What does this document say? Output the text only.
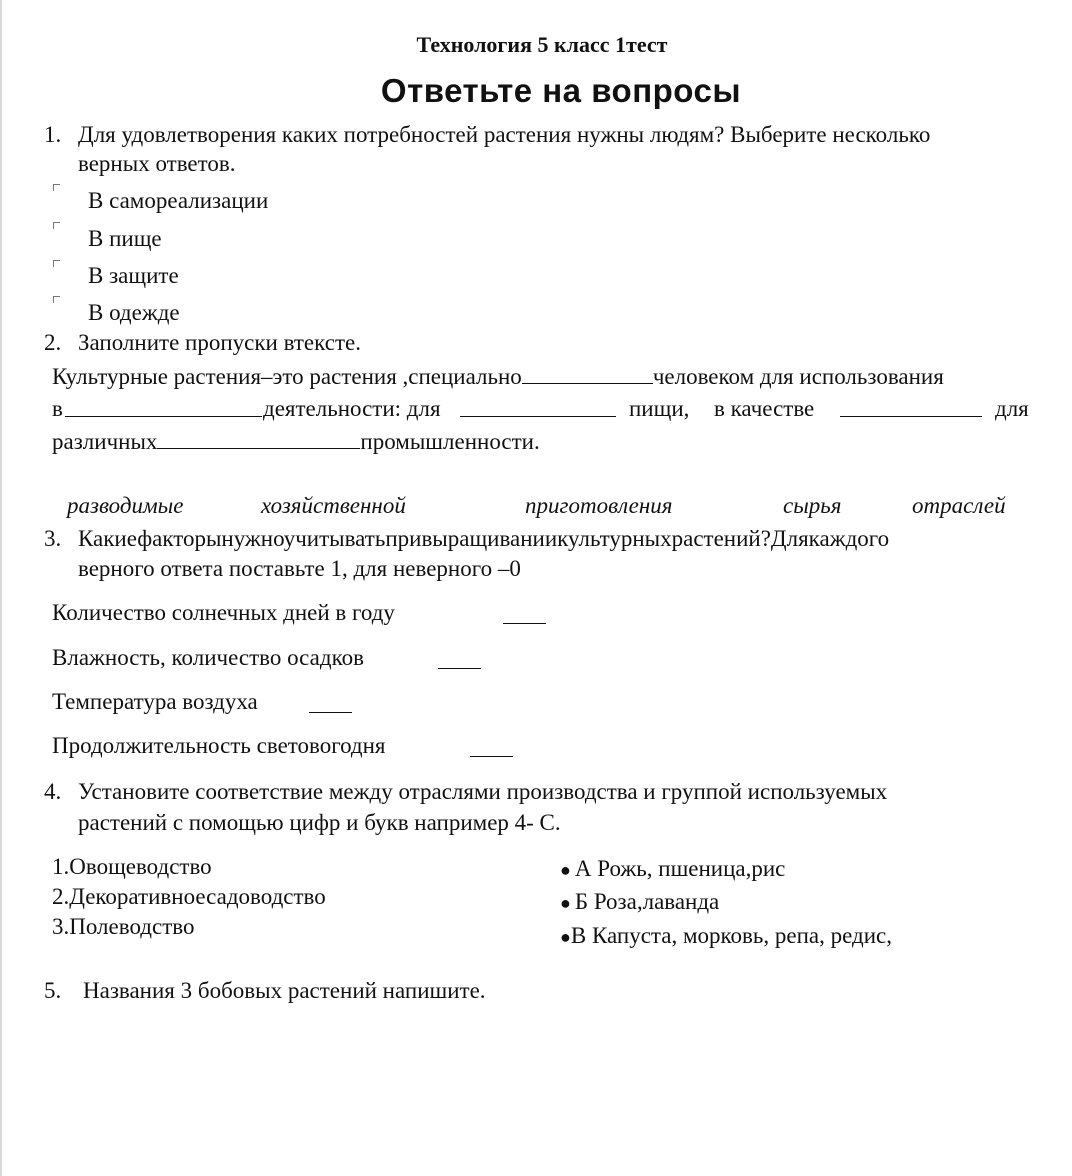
Технология 5 класс 1тест
Ответьте на вопросы
1. Для удовлетворения каких потребностей растения нужны людям? Выберите несколько
верных ответов.
В самореализации
В пище
В защите
В одежде
2. Заполните пропуски втексте.
Культурные растения–это растения ,специально	человеком для использования
в	деятельности: для	пищи, в качестве	для
различных	промышленности.
разводимые	хозяйственной	приготовления	сырья	отраслей
3. Какиефакторынужноучитыватьпривыращиваниикультурныхрастений?Длякаждого
верного ответа поставьте 1, для неверного –0
Количество солнечных дней в году
Влажность, количество осадков
Температура воздуха
Продолжительность световогодня
4. Установите соответствие между отраслями производства и группой используемых
растений с помощью цифр и букв например 4- С.
1.Овощеводство
2.Декоративноесадоводство
3.Полеводство
● А Рожь, пшеница,рис
● Б Роза,лаванда
●В Капуста, морковь, репа, редис,
5. Названия 3 бобовых растений напишите.
